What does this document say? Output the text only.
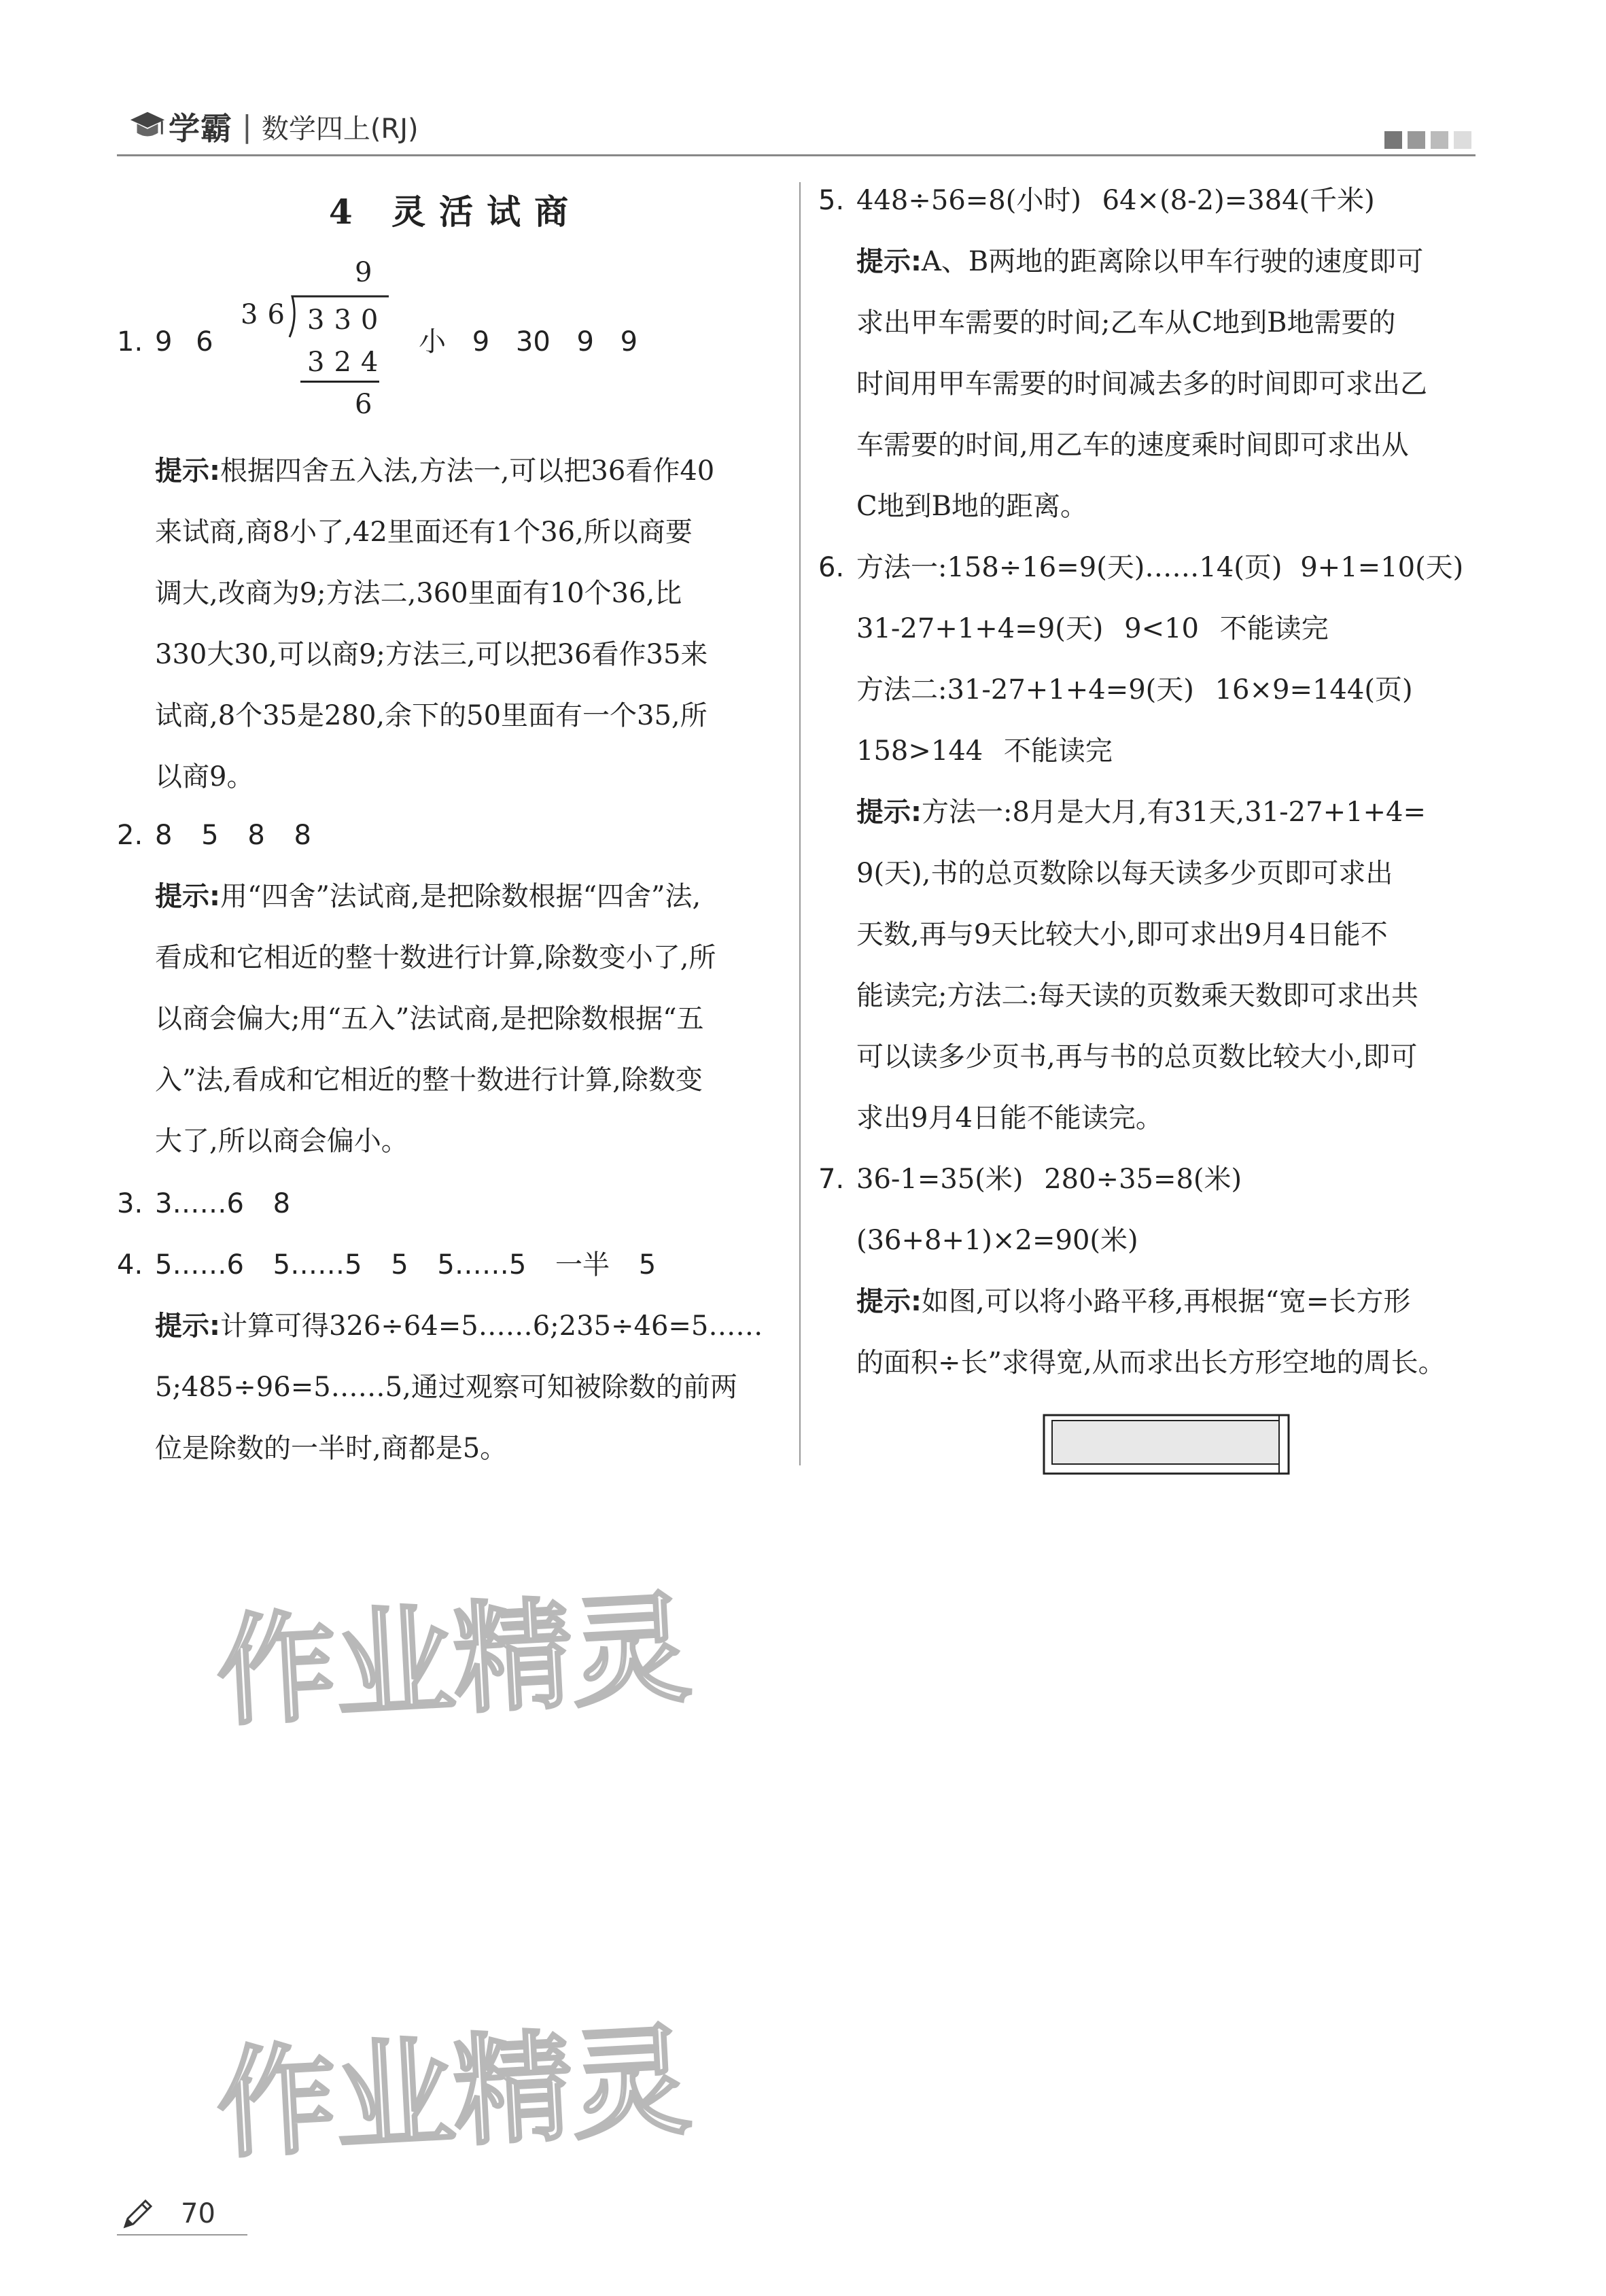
学霸 | 数学四上(RJ)
4 灵活试商
1. 9 6
9
36 330
324
6
小 9 30 9 9
提示:根据四舍五入法,方法一,可以把36看作40
来试商,商8小了,42里面还有1个36,所以商要
调大,改商为9;方法二,360里面有10个36,比
330大30,可以商9;方法三,可以把36看作35来
试商,8个35是280,余下的50里面有一个35,所
以商9。
2. 8 5 8 8
提示:用“四舍”法试商,是把除数根据“四舍”法,
看成和它相近的整十数进行计算,除数变小了,所
以商会偏大;用“五入”法试商,是把除数根据“五
入”法,看成和它相近的整十数进行计算,除数变
大了,所以商会偏小。
3. 3……6 8
4. 5……6 5……5 5 5……5 一半 5
提示:计算可得326÷64=5……6;235÷46=5……
5;485÷96=5……5,通过观察可知被除数的前两
位是除数的一半时,商都是5。
5. 448÷56=8(小时) 64×(8-2)=384(千米)
提示:A、B两地的距离除以甲车行驶的速度即可
求出甲车需要的时间;乙车从C地到B地需要的
时间用甲车需要的时间减去多的时间即可求出乙
车需要的时间,用乙车的速度乘时间即可求出从
C地到B地的距离。
6. 方法一:158÷16=9(天)……14(页) 9+1=10(天)
31-27+1+4=9(天) 9<10 不能读完
方法二:31-27+1+4=9(天) 16×9=144(页)
158>144 不能读完
提示:方法一:8月是大月,有31天,31-27+1+4=
9(天),书的总页数除以每天读多少页即可求出
天数,再与9天比较大小,即可求出9月4日能不
能读完;方法二:每天读的页数乘天数即可求出共
可以读多少页书,再与书的总页数比较大小,即可
求出9月4日能不能读完。
7. 36-1=35(米) 280÷35=8(米)
(36+8+1)×2=90(米)
提示:如图,可以将小路平移,再根据“宽=长方形
的面积÷长”求得宽,从而求出长方形空地的周长。
作业精灵
作业精灵
70
